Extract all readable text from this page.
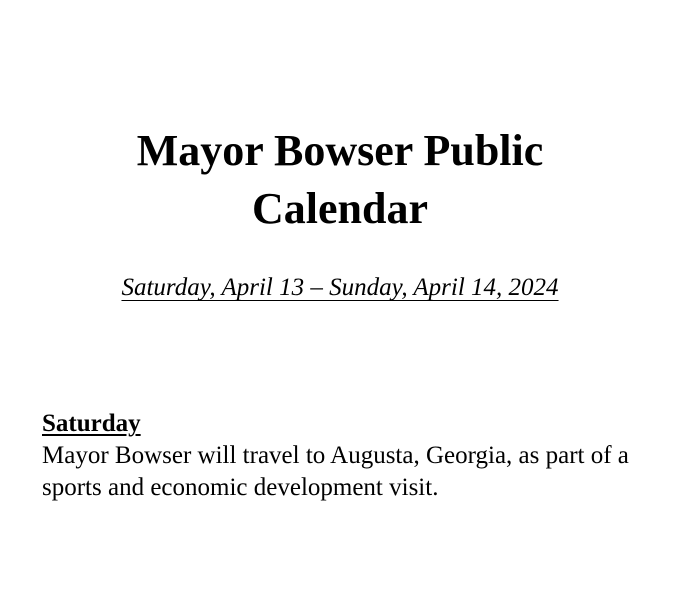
Mayor Bowser Public
Calendar

Saturday, April 13 – Sunday, April 14, 2024

Saturday

Mayor Bowser will travel to Augusta, Georgia, as part of a sports and economic development visit.
